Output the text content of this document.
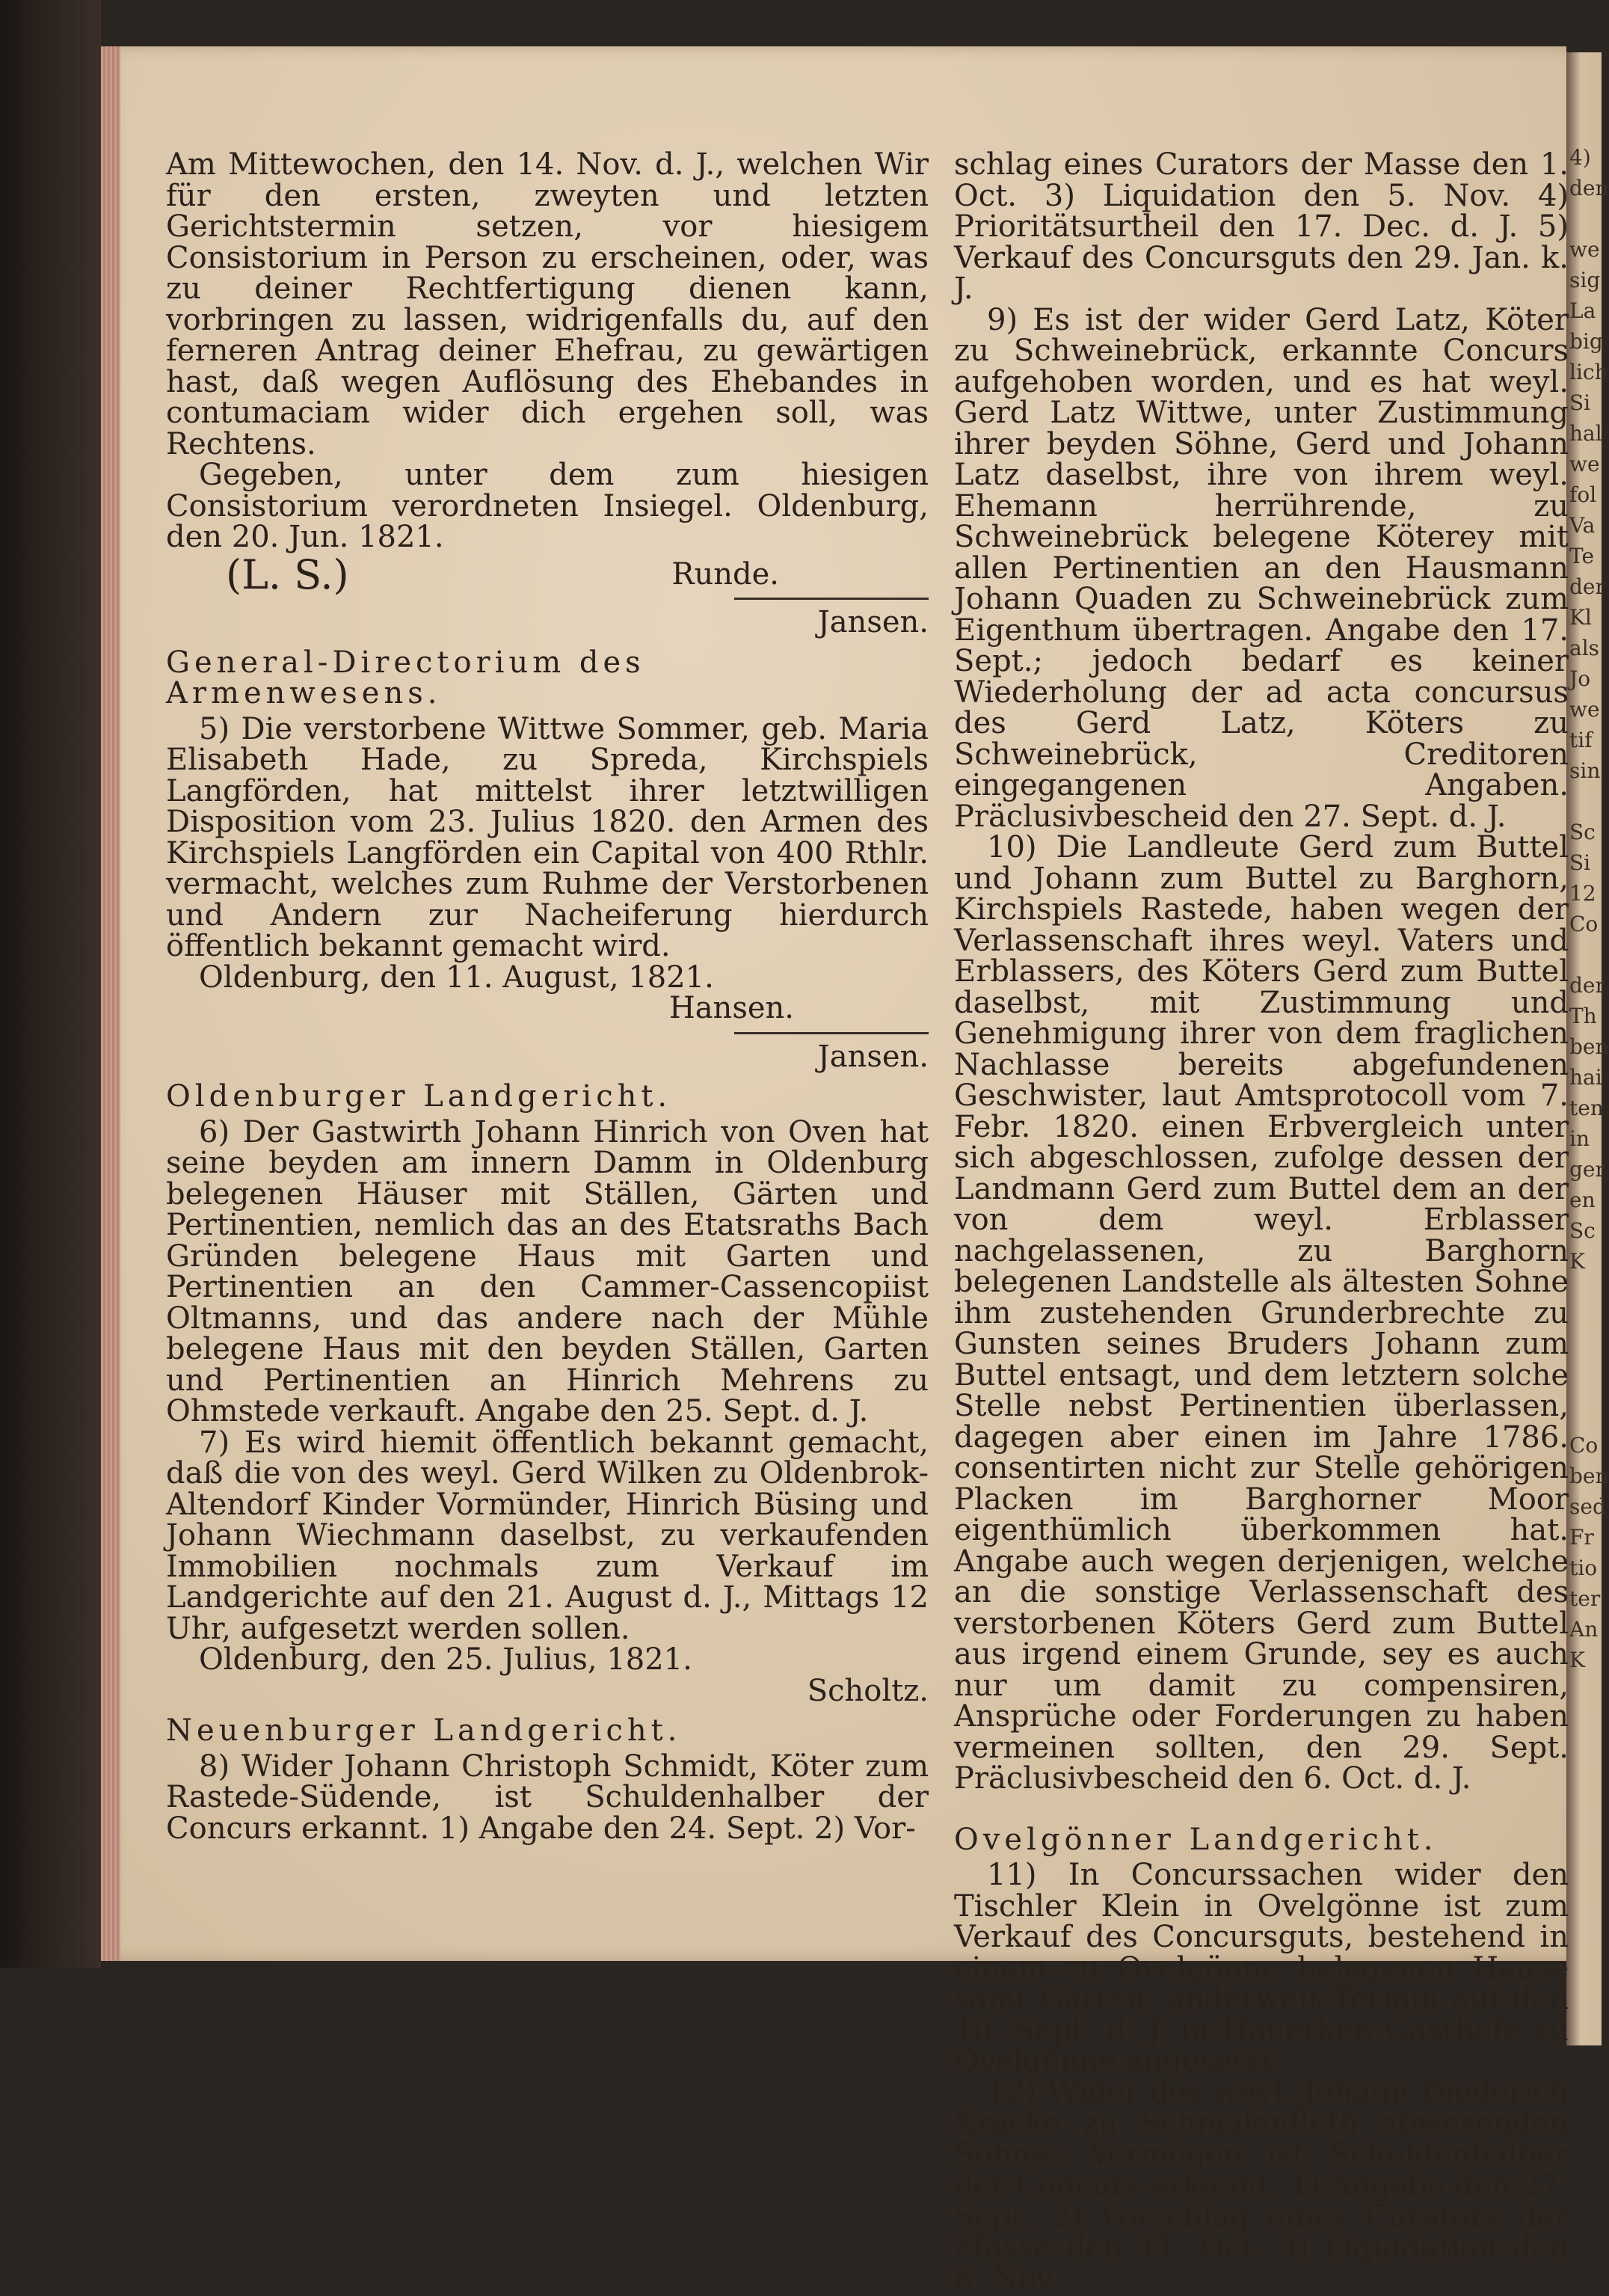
4)
den

we
sig
La
big
lich
Si
hal
we
fol
Va
Te
der
Kl
als
Jo
we
tif
sin

Sc
Si
12
Co

der
Th
ben
hai
ten
in
ger
en
Sc
K

Co
ben
sed
Fr
tio
ter
An
K

Am Mittewochen, den 14. Nov. d. J., welchen Wir für den ersten, zweyten und letzten Gerichtstermin setzen, vor hiesigem Consistorium in Person zu erscheinen, oder, was zu deiner Rechtfertigung dienen kann, vorbringen zu lassen, widrigenfalls du, auf den ferneren Antrag deiner Ehefrau, zu gewärtigen hast, daß wegen Auflösung des Ehebandes in contumaciam wider dich ergehen soll, was Rechtens.

Gegeben, unter dem zum hiesigen Consistorium verordneten Insiegel. Oldenburg, den 20. Jun. 1821.

(L. S.)	Runde.

Jansen.

General-Directorium des Armenwesens.

5) Die verstorbene Wittwe Sommer, geb. Maria Elisabeth Hade, zu Spreda, Kirchspiels Langförden, hat mittelst ihrer letztwilligen Disposition vom 23. Julius 1820. den Armen des Kirchspiels Langförden ein Capital von 400 Rthlr. vermacht, welches zum Ruhme der Verstorbenen und Andern zur Nacheiferung hierdurch öffentlich bekannt gemacht wird.

Oldenburg, den 11. August, 1821.

Hansen.

Jansen.

Oldenburger Landgericht.

6) Der Gastwirth Johann Hinrich von Oven hat seine beyden am innern Damm in Oldenburg belegenen Häuser mit Ställen, Gärten und Pertinentien, nemlich das an des Etatsraths Bach Gründen belegene Haus mit Garten und Pertinentien an den Cammer-Cassencopiist Oltmanns, und das andere nach der Mühle belegene Haus mit den beyden Ställen, Garten und Pertinentien an Hinrich Mehrens zu Ohmstede verkauft. Angabe den 25. Sept. d. J.

7) Es wird hiemit öffentlich bekannt gemacht, daß die von des weyl. Gerd Wilken zu Oldenbrok-Altendorf Kinder Vormünder, Hinrich Büsing und Johann Wiechmann daselbst, zu verkaufenden Immobilien nochmals zum Verkauf im Landgerichte auf den 21. August d. J., Mittags 12 Uhr, aufgesetzt werden sollen.

Oldenburg, den 25. Julius, 1821.

Scholtz.

Neuenburger Landgericht.

8) Wider Johann Christoph Schmidt, Köter zum Rastede-Südende, ist Schuldenhalber der Concurs erkannt. 1) Angabe den 24. Sept. 2) Vor-

schlag eines Curators der Masse den 1. Oct. 3) Liquidation den 5. Nov. 4) Prioritätsurtheil den 17. Dec. d. J. 5) Verkauf des Concursguts den 29. Jan. k. J.

9) Es ist der wider Gerd Latz, Köter zu Schweinebrück, erkannte Concurs aufgehoben worden, und es hat weyl. Gerd Latz Wittwe, unter Zustimmung ihrer beyden Söhne, Gerd und Johann Latz daselbst, ihre von ihrem weyl. Ehemann herrührende, zu Schweinebrück belegene Köterey mit allen Pertinentien an den Hausmann Johann Quaden zu Schweinebrück zum Eigenthum übertragen. Angabe den 17. Sept.; jedoch bedarf es keiner Wiederholung der ad acta concursus des Gerd Latz, Köters zu Schweinebrück, Creditoren eingegangenen Angaben. Präclusivbescheid den 27. Sept. d. J.

10) Die Landleute Gerd zum Buttel und Johann zum Buttel zu Barghorn, Kirchspiels Rastede, haben wegen der Verlassenschaft ihres weyl. Vaters und Erblassers, des Köters Gerd zum Buttel daselbst, mit Zustimmung und Genehmigung ihrer von dem fraglichen Nachlasse bereits abgefundenen Geschwister, laut Amtsprotocoll vom 7. Febr. 1820. einen Erbvergleich unter sich abgeschlossen, zufolge dessen der Landmann Gerd zum Buttel dem an der von dem weyl. Erblasser nachgelassenen, zu Barghorn belegenen Landstelle als ältesten Sohne ihm zustehenden Grunderbrechte zu Gunsten seines Bruders Johann zum Buttel entsagt, und dem letztern solche Stelle nebst Pertinentien überlassen, dagegen aber einen im Jahre 1786. consentirten nicht zur Stelle gehörigen Placken im Barghorner Moor eigenthümlich überkommen hat. Angabe auch wegen derjenigen, welche an die sonstige Verlassenschaft des verstorbenen Köters Gerd zum Buttel aus irgend einem Grunde, sey es auch nur um damit zu compensiren, Ansprüche oder Forderungen zu haben vermeinen sollten, den 29. Sept. Präclusivbescheid den 6. Oct. d. J.

Ovelgönner Landgericht.

11) In Concurssachen wider den Tischler Klein in Ovelgönne ist zum Verkauf des Concursguts, bestehend in einem zu Ovelgönne belegenen Hause samt Garten, anderweit Termin auf den 10. Sept. d. J. in Hauerken Gasthofe zu Ovelgönne angesetzt.

12) Wider des weyl. Johann Diederich Kracke zu Schmalenfleth abwesenden Sohnes Vermögen ist Schuldenhalber der Concurs erkannt. 1) Angabe den 27. Sept. 2) Vorschlag eines Curators der Masse den 11. Oct. 3) Liquidation den 8. Nov.
